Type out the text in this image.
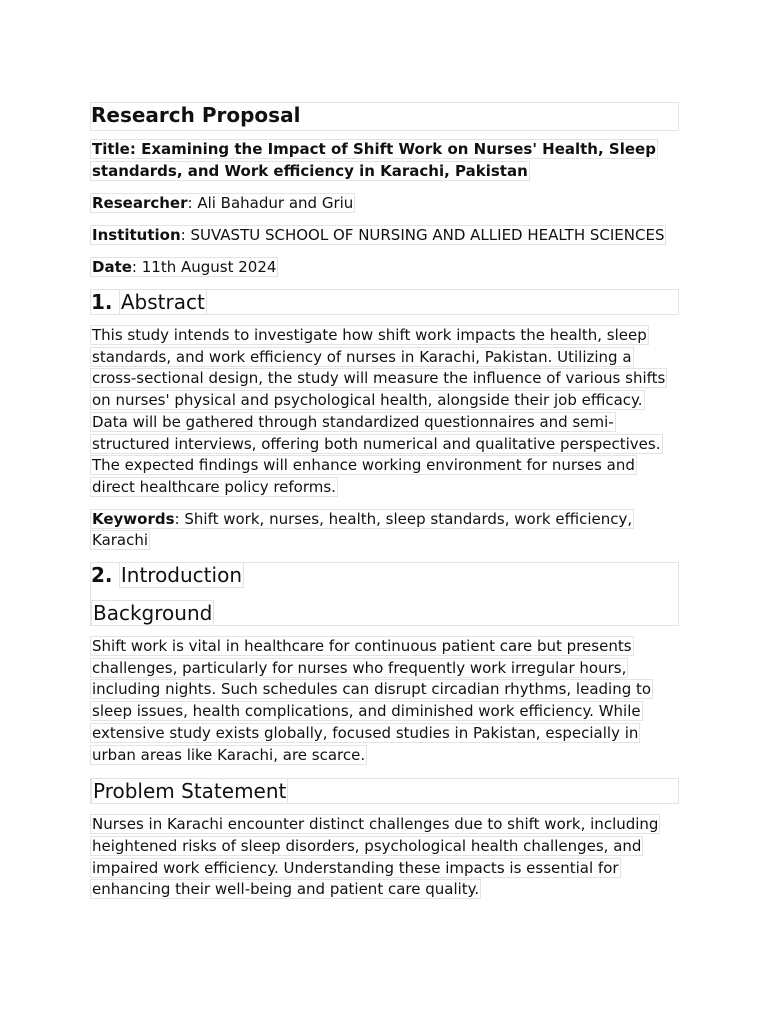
Research Proposal
Title: Examining the Impact of Shift Work on Nurses' Health, Sleep standards, and Work efficiency in Karachi, Pakistan
Researcher: Ali Bahadur and Griu
Institution: SUVASTU SCHOOL OF NURSING AND ALLIED HEALTH SCIENCES
Date: 11th August 2024
1. Abstract
This study intends to investigate how shift work impacts the health, sleep
standards, and work efficiency of nurses in Karachi, Pakistan. Utilizing a
cross-sectional design, the study will measure the influence of various shifts
on nurses' physical and psychological health, alongside their job efficacy.
Data will be gathered through standardized questionnaires and semi-
structured interviews, offering both numerical and qualitative perspectives.
The expected findings will enhance working environment for nurses and
direct healthcare policy reforms.
Keywords: Shift work, nurses, health, sleep standards, work efficiency,
Karachi
2. Introduction
Background
Shift work is vital in healthcare for continuous patient care but presents
challenges, particularly for nurses who frequently work irregular hours,
including nights. Such schedules can disrupt circadian rhythms, leading to
sleep issues, health complications, and diminished work efficiency. While
extensive study exists globally, focused studies in Pakistan, especially in
urban areas like Karachi, are scarce.
Problem Statement
Nurses in Karachi encounter distinct challenges due to shift work, including
heightened risks of sleep disorders, psychological health challenges, and
impaired work efficiency. Understanding these impacts is essential for
enhancing their well-being and patient care quality.
